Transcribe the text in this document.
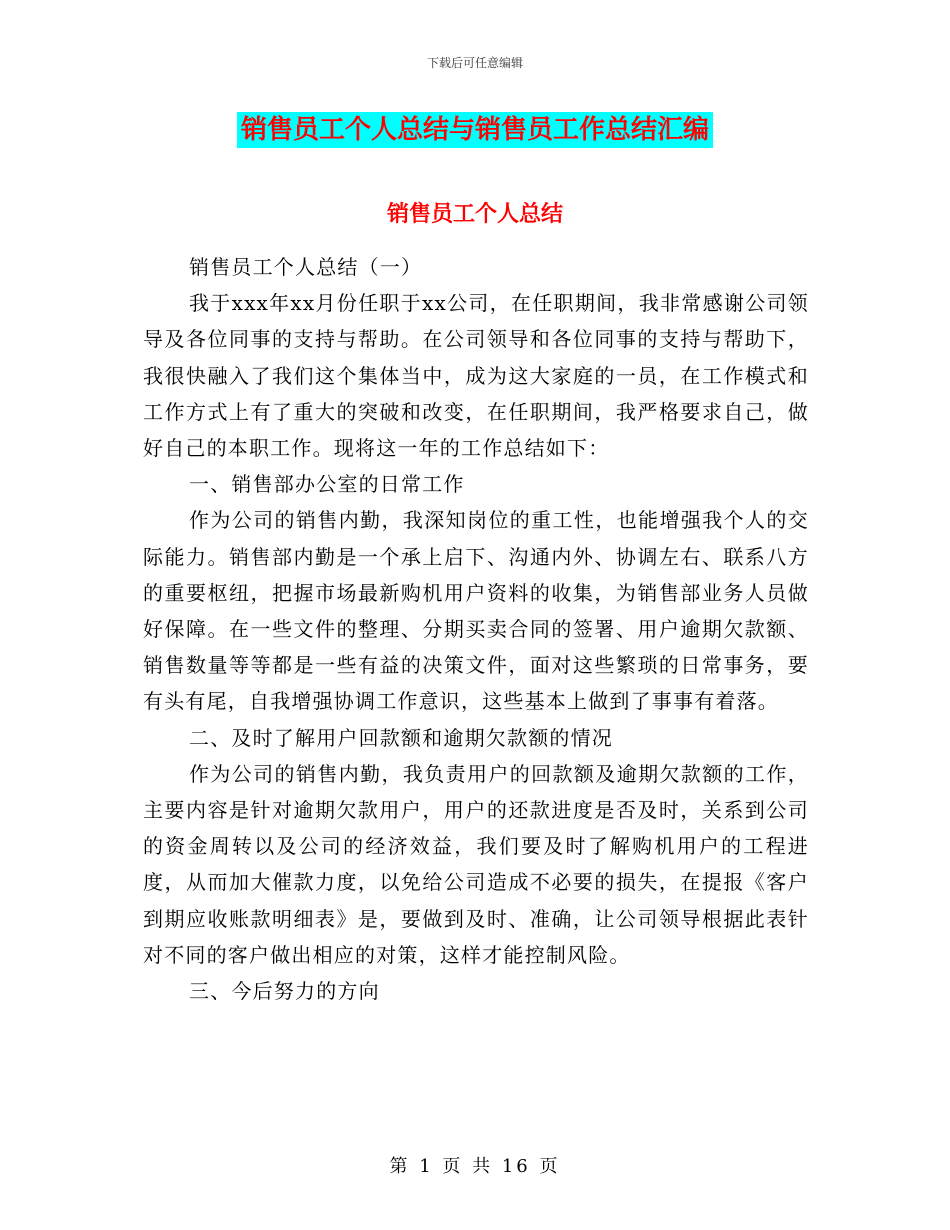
下载后可任意编辑
销售员工个人总结与销售员工作总结汇编
销售员工个人总结

销售员工个人总结（一）

我于xxx年xx月份任职于xx公司，在任职期间，我非常感谢公司领导及各位同事的支持与帮助。在公司领导和各位同事的支持与帮助下，我很快融入了我们这个集体当中，成为这大家庭的一员，在工作模式和工作方式上有了重大的突破和改变，在任职期间，我严格要求自己，做好自己的本职工作。现将这一年的工作总结如下：

一、销售部办公室的日常工作

作为公司的销售内勤，我深知岗位的重工性，也能增强我个人的交际能力。销售部内勤是一个承上启下、沟通内外、协调左右、联系八方的重要枢纽，把握市场最新购机用户资料的收集，为销售部业务人员做好保障。在一些文件的整理、分期买卖合同的签署、用户逾期欠款额、销售数量等等都是一些有益的决策文件，面对这些繁琐的日常事务，要有头有尾，自我增强协调工作意识，这些基本上做到了事事有着落。

二、及时了解用户回款额和逾期欠款额的情况

作为公司的销售内勤，我负责用户的回款额及逾期欠款额的工作，主要内容是针对逾期欠款用户，用户的还款进度是否及时，关系到公司的资金周转以及公司的经济效益，我们要及时了解购机用户的工程进度，从而加大催款力度，以免给公司造成不必要的损失，在提报《客户到期应收账款明细表》是，要做到及时、准确，让公司领导根据此表针对不同的客户做出相应的对策，这样才能控制风险。

三、今后努力的方向

第 1 页 共 16 页
